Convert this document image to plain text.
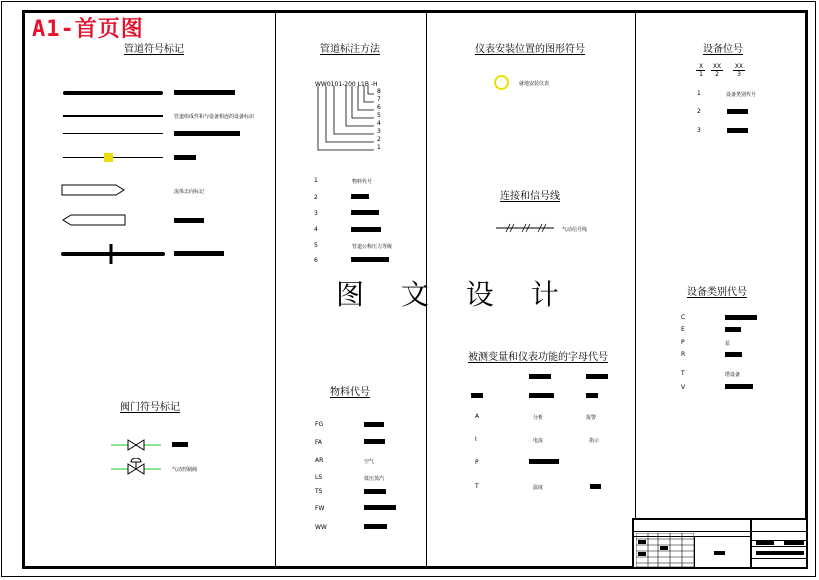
A1-首页图
管道符号标记
管道组成件和与设备相连的设备标识
流体去向标记
阀门符号标记
气动控制阀
管道标注方法
WW0101-200 L1B -H
8
7
6
5
4
3
2
1
1	物料代号
2
3
4
5	管道公称压力等级
6
图 文 设 计
物料代号
FG
FA
AR	空气
LS	低压蒸汽
TS
FW
WW
仪表安装位置的图形符号
就地安装仪表
连接和信号线
气动信号线
被测变量和仪表功能的字母代号
A	分析	报警
I	电流	指示
P
T	温度
设备位号
X
1
XX
2
XX
3
1	设备类别代号
2
3
设备类别代号
C
E
P	泵
R
T	塔设备
V
